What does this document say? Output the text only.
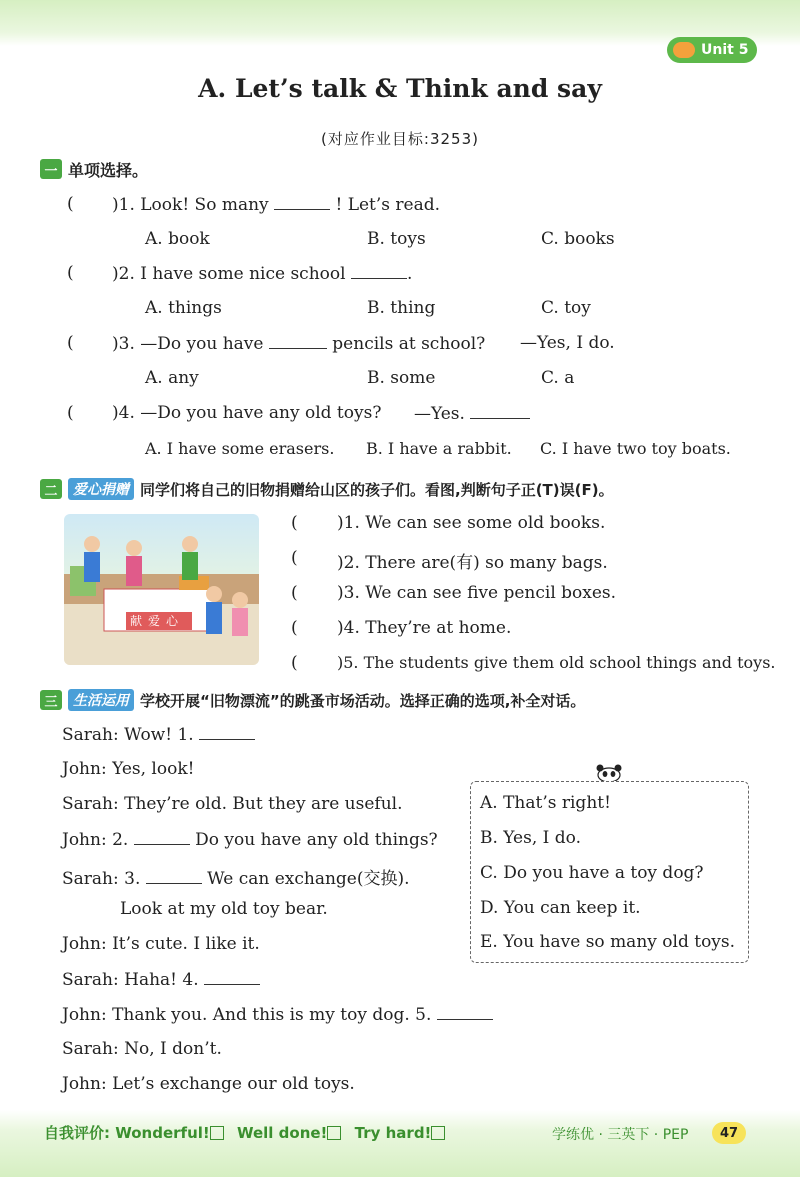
Unit 5
A. Let’s talk & Think and say
(对应作业目标:3253)
一 单项选择。
( )1. Look! So many	! Let’s read.
A. book	B. toys	C. books
( )2. I have some nice school	.
A. things	B. thing	C. toy
( )3. —Do you have	pencils at school? —Yes, I do.
A. any	B. some	C. a
( )4. —Do you have any old toys? —Yes.
A. I have some erasers. B. I have a rabbit. C. I have two toy boats.
二	爱心捐赠 同学们将自己的旧物捐赠给山区的孩子们。看图,判断句子正(T)误(F)。
献爱心
( )1. We can see some old books.
( )2. There are(有) so many bags.
( )3. We can see five pencil boxes.
( )4. They’re at home.
( )5. The students give them old school things and toys.
三	生活运用 学校开展“旧物漂流”的跳蚤市场活动。选择正确的选项,补全对话。
Sarah: Wow! 1.
John: Yes, look!
Sarah: They’re old. But they are useful.
John: 2.	Do you have any old things?
Sarah: 3.	We can exchange(交换).
Look at my old toy bear.
John: It’s cute. I like it.
Sarah: Haha! 4.
John: Thank you. And this is my toy dog. 5.
Sarah: No, I don’t.
John: Let’s exchange our old toys.
A. That’s right!
B. Yes, I do.
C. Do you have a toy dog?
D. You can keep it.
E. You have so many old toys.
自我评价: Wonderful! Well done! Try hard!	学练优 · 三英下 · PEP	47
